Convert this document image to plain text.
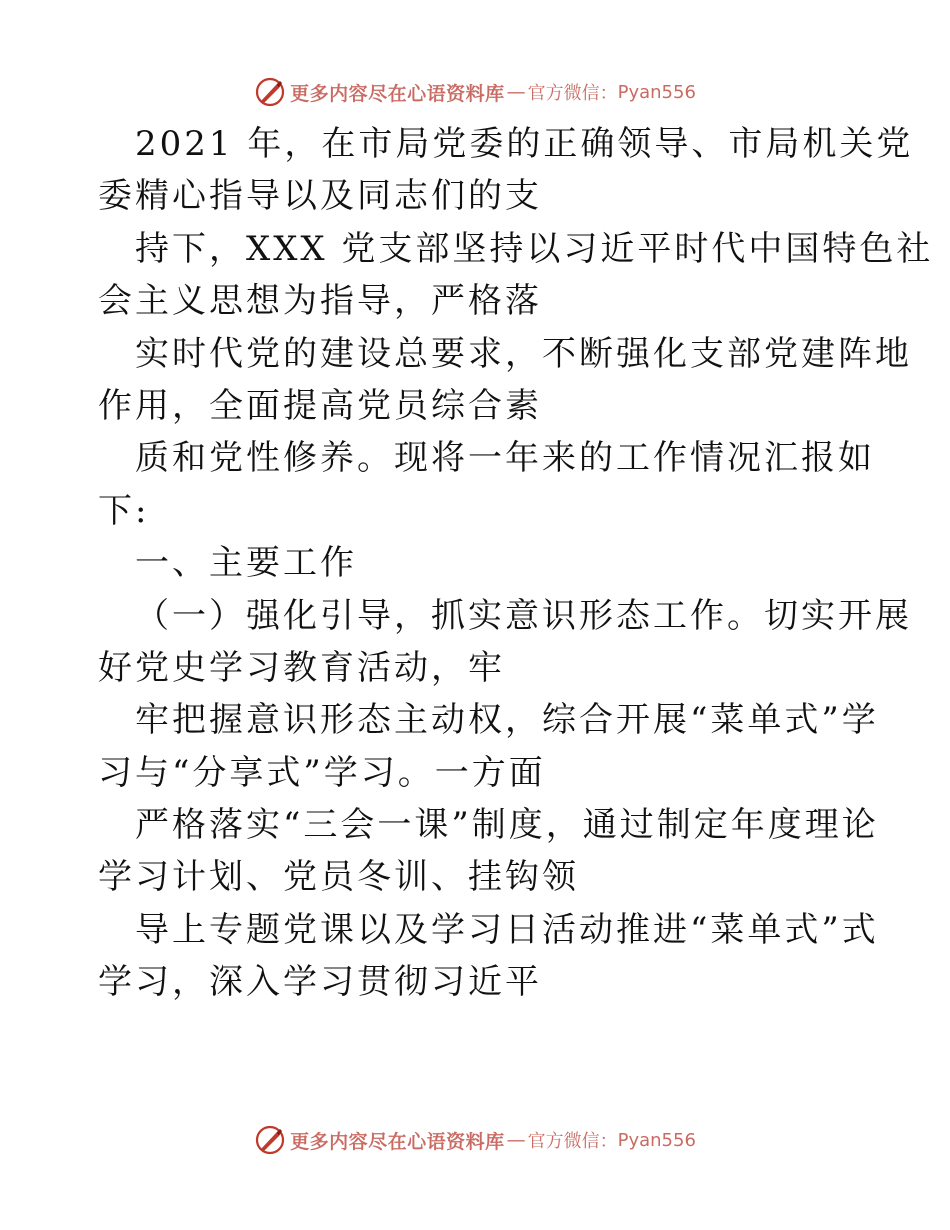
更多内容尽在心语资料库 — 官方微信： Pyan556
2021 年，在市局党委的正确领导、市局机关党
委精心指导以及同志们的支
持下，XXX 党支部坚持以习近平时代中国特色社
会主义思想为指导，严格落
实时代党的建设总要求，不断强化支部党建阵地
作用，全面提高党员综合素
质和党性修养。现将一年来的工作情况汇报如
下:
一、主要工作
（一）强化引导，抓实意识形态工作。切实开展
好党史学习教育活动，牢
牢把握意识形态主动权，综合开展“菜单式”学
习与“分享式”学习。一方面
严格落实“三会一课”制度，通过制定年度理论
学习计划、党员冬训、挂钩领
导上专题党课以及学习日活动推进“菜单式”式
学习，深入学习贯彻习近平
更多内容尽在心语资料库 — 官方微信： Pyan556
